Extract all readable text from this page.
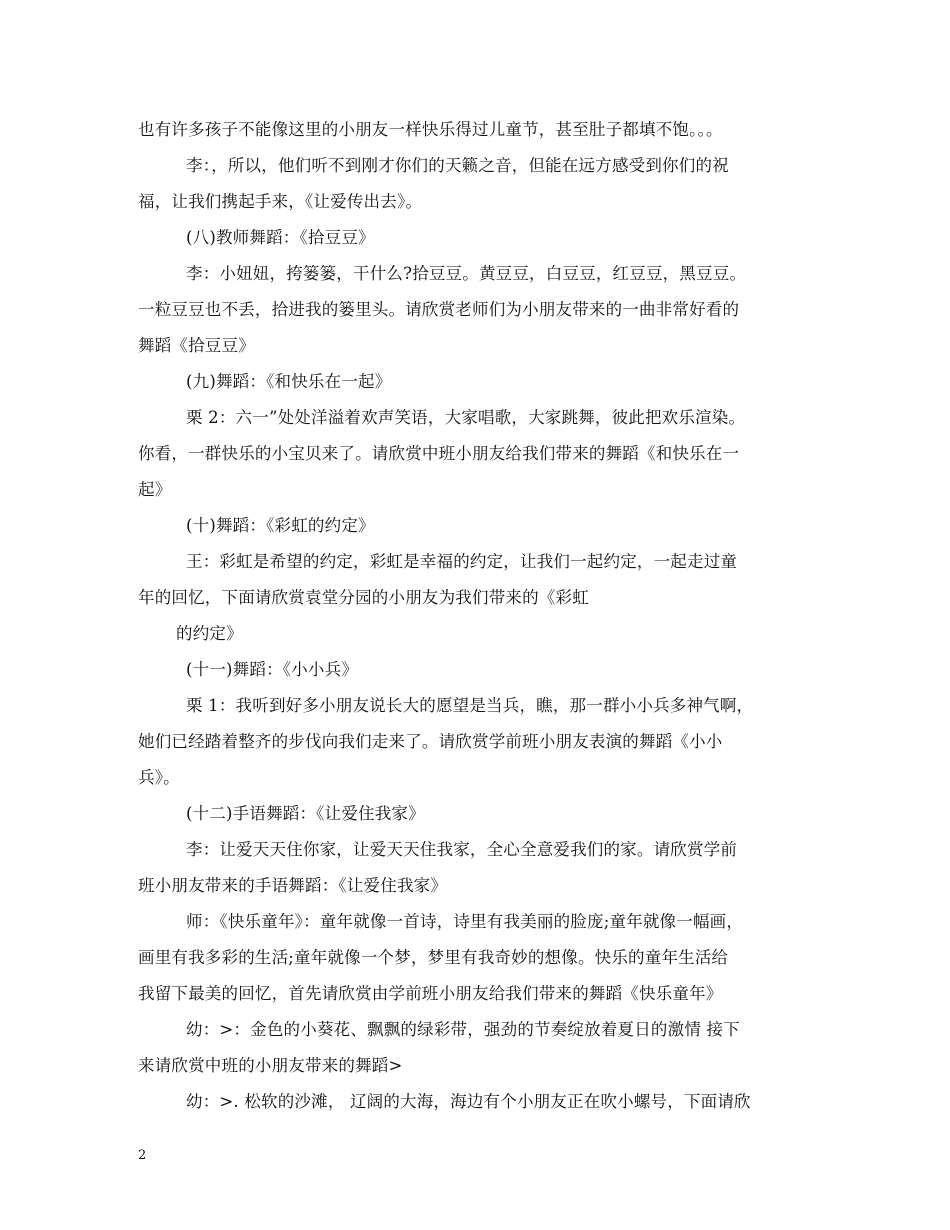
也有许多孩子不能像这里的小朋友一样快乐得过儿童节，甚至肚子都填不饱。。。
李：，所以，他们听不到刚才你们的天籁之音，但能在远方感受到你们的祝
福，让我们携起手来，《让爱传出去》。
(八)教师舞蹈：《拾豆豆》
李：小妞妞，挎篓篓，干什么?拾豆豆。黄豆豆，白豆豆，红豆豆，黑豆豆。
一粒豆豆也不丢，拾进我的篓里头。请欣赏老师们为小朋友带来的一曲非常好看的
舞蹈《拾豆豆》
(九)舞蹈：《和快乐在一起》
栗 2：六一”处处洋溢着欢声笑语，大家唱歌，大家跳舞，彼此把欢乐渲染。
你看，一群快乐的小宝贝来了。请欣赏中班小朋友给我们带来的舞蹈《和快乐在一
起》
(十)舞蹈：《彩虹的约定》
王：彩虹是希望的约定，彩虹是幸福的约定，让我们一起约定，一起走过童
年的回忆，下面请欣赏袁堂分园的小朋友为我们带来的《彩虹
的约定》
(十一)舞蹈：《小小兵》
栗 1：我听到好多小朋友说长大的愿望是当兵，瞧，那一群小小兵多神气啊，
她们已经踏着整齐的步伐向我们走来了。请欣赏学前班小朋友表演的舞蹈《小小
兵》。
(十二)手语舞蹈：《让爱住我家》
李：让爱天天住你家，让爱天天住我家，全心全意爱我们的家。请欣赏学前
班小朋友带来的手语舞蹈：《让爱住我家》
师：《快乐童年》：童年就像一首诗，诗里有我美丽的脸庞;童年就像一幅画，
画里有我多彩的生活;童年就像一个梦，梦里有我奇妙的想像。快乐的童年生活给
我留下最美的回忆，首先请欣赏由学前班小朋友给我们带来的舞蹈《快乐童年》
幼：>：金色的小葵花、飘飘的绿彩带，强劲的节奏绽放着夏日的激情 接下
来请欣赏中班的小朋友带来的舞蹈>
幼：>. 松软的沙滩， 辽阔的大海，海边有个小朋友正在吹小螺号，下面请欣
2
